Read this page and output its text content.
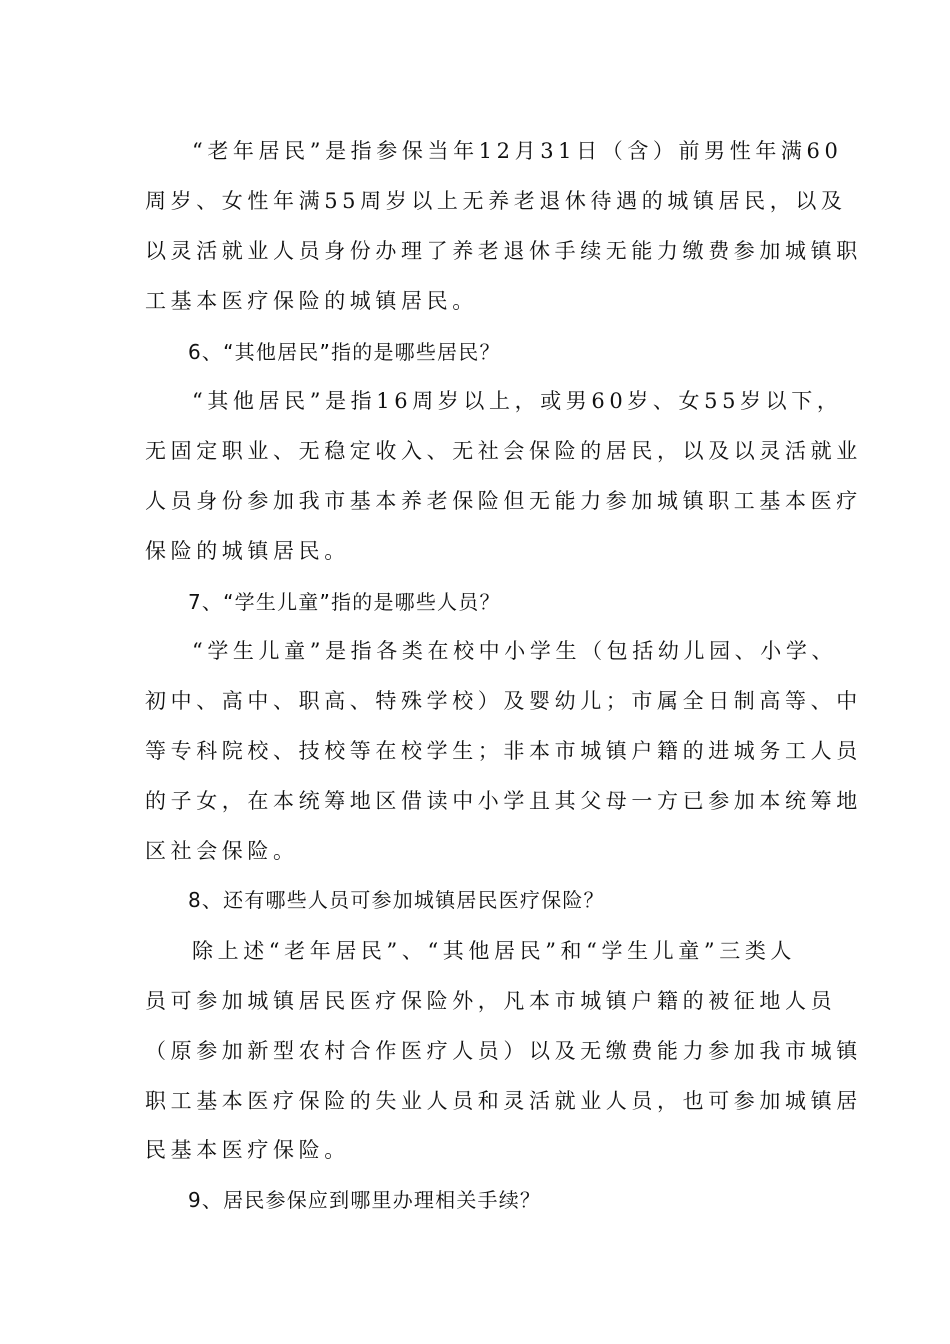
“老年居民”是指参保当年12月31日（含）前男性年满60
周岁、女性年满55周岁以上无养老退休待遇的城镇居民，以及
以灵活就业人员身份办理了养老退休手续无能力缴费参加城镇职
工基本医疗保险的城镇居民。
6、“其他居民”指的是哪些居民？
“其他居民”是指16周岁以上，或男60岁、女55岁以下，
无固定职业、无稳定收入、无社会保险的居民，以及以灵活就业
人员身份参加我市基本养老保险但无能力参加城镇职工基本医疗
保险的城镇居民。
7、“学生儿童”指的是哪些人员？
“学生儿童”是指各类在校中小学生（包括幼儿园、小学、
初中、高中、职高、特殊学校）及婴幼儿；市属全日制高等、中
等专科院校、技校等在校学生；非本市城镇户籍的进城务工人员
的子女，在本统筹地区借读中小学且其父母一方已参加本统筹地
区社会保险。
8、还有哪些人员可参加城镇居民医疗保险？
除上述“老年居民”、“其他居民”和“学生儿童”三类人
员可参加城镇居民医疗保险外，凡本市城镇户籍的被征地人员
（原参加新型农村合作医疗人员）以及无缴费能力参加我市城镇
职工基本医疗保险的失业人员和灵活就业人员，也可参加城镇居
民基本医疗保险。
9、居民参保应到哪里办理相关手续？
